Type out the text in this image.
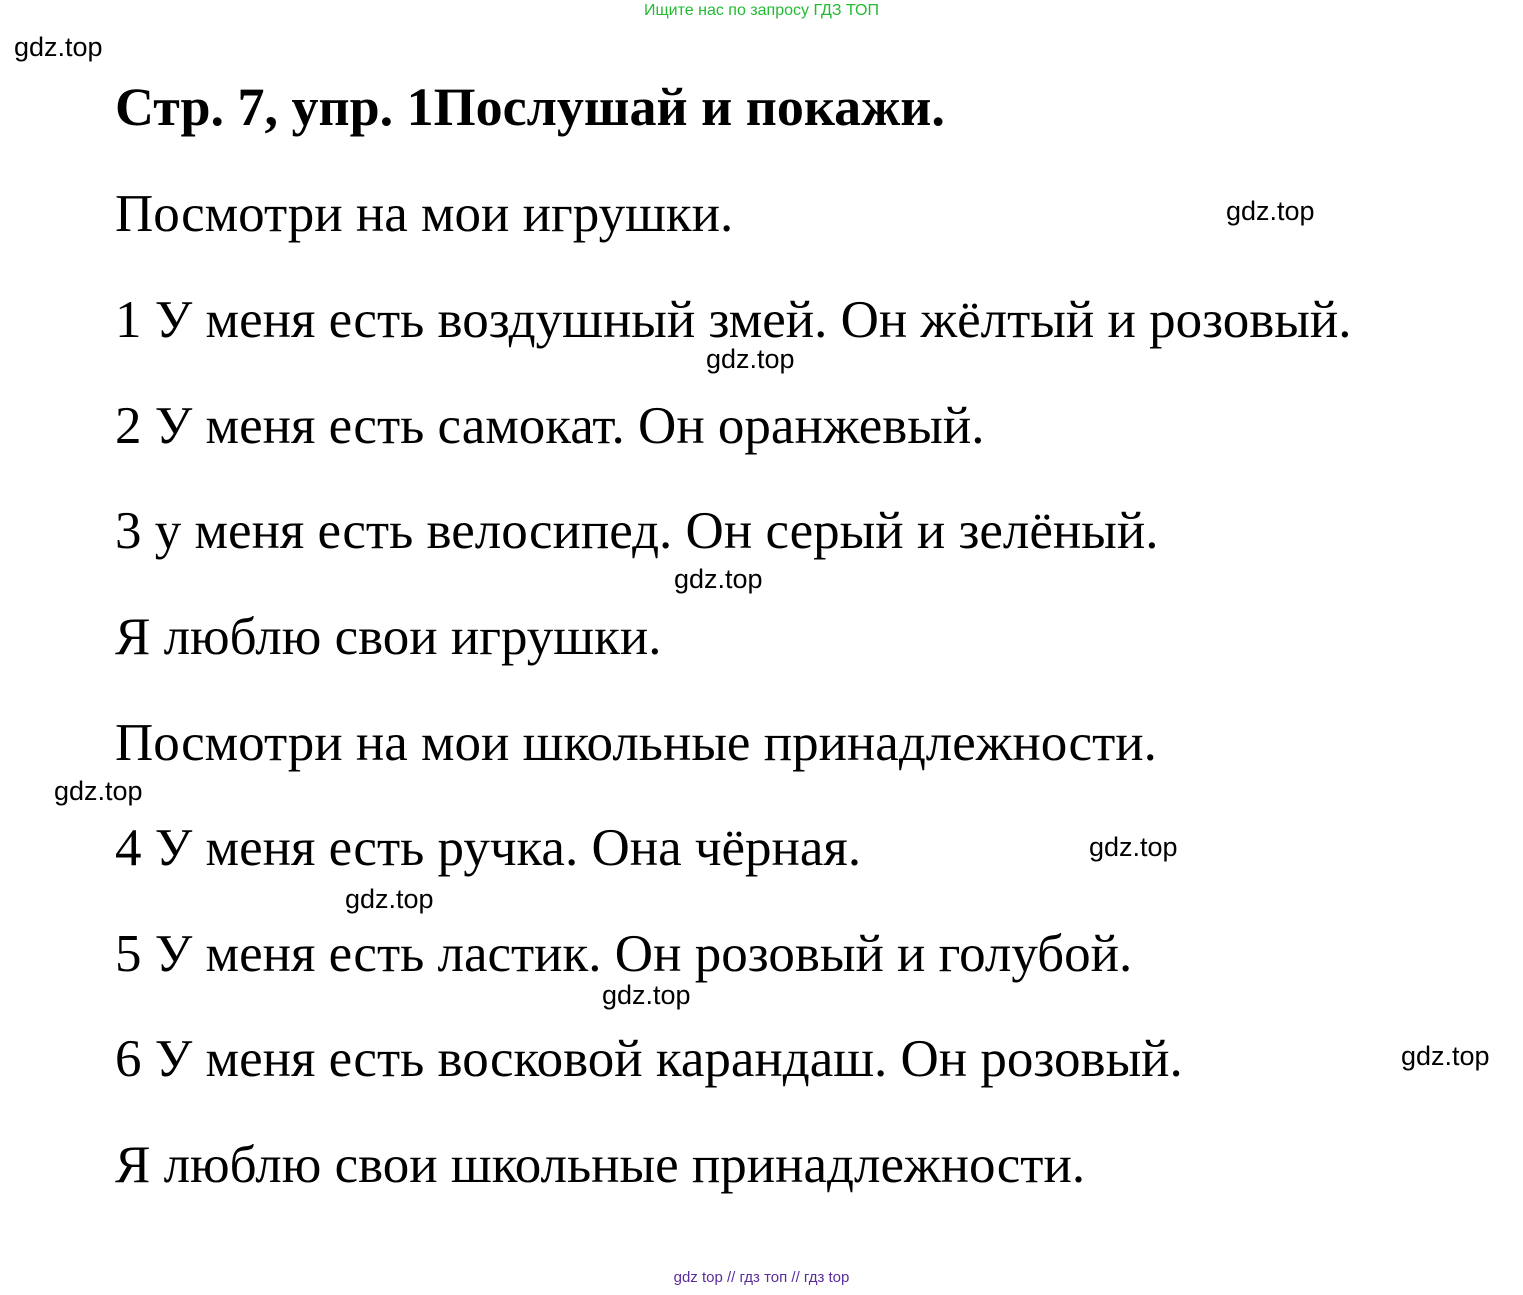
Ищите нас по запросу ГДЗ ТОП
gdz.top
Стр. 7, упр. 1Послушай и покажи.
Посмотри на мои игрушки.	gdz.top
1 У меня есть воздушный змей. Он жёлтый и розовый.
gdz.top
2 У меня есть самокат. Он оранжевый.
3 у меня есть велосипед. Он серый и зелёный.
gdz.top
Я люблю свои игрушки.
Посмотри на мои школьные принадлежности.
gdz.top
4 У меня есть ручка. Она чёрная.	gdz.top
gdz.top
5 У меня есть ластик. Он розовый и голубой.
gdz.top
6 У меня есть восковой карандаш. Он розовый.	gdz.top
Я люблю свои школьные принадлежности.
gdz top // гдз топ // гдз top
